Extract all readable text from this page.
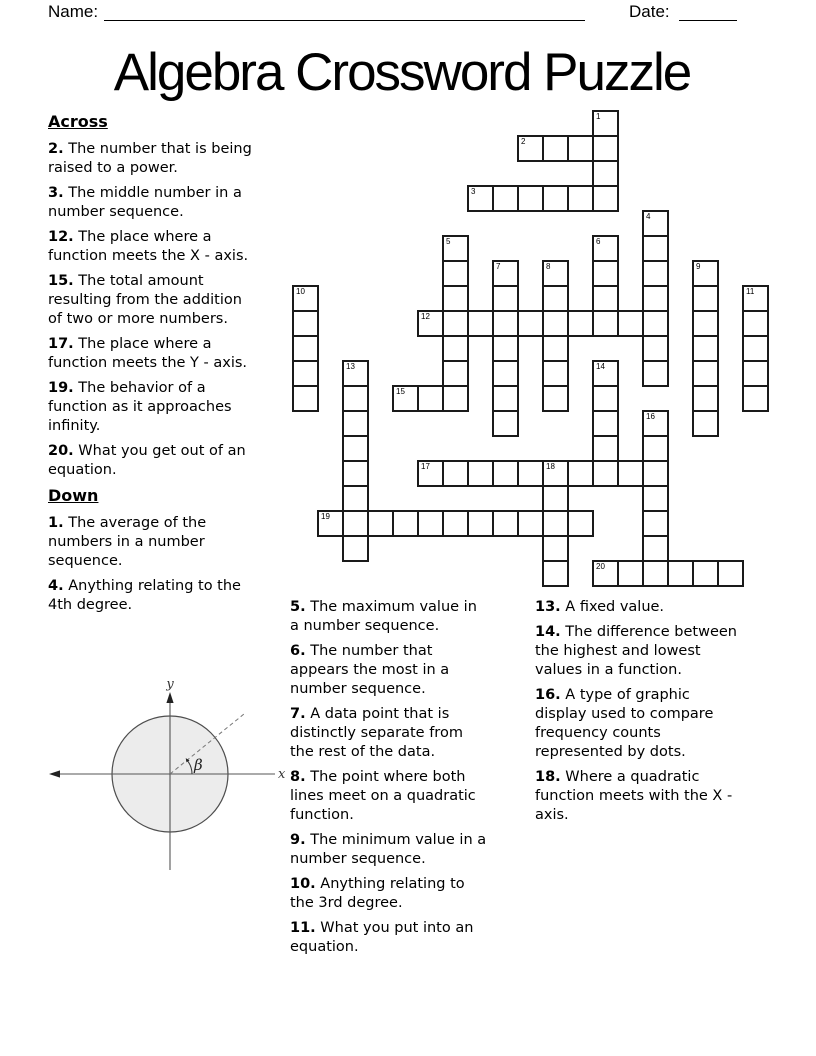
Name:	Date:
Algebra Crossword Puzzle
Across

2. The number that is being raised to a power.

3. The middle number in a number sequence.

12. The place where a function meets the X - axis.

15. The total amount resulting from the addition of two or more numbers.

17. The place where a function meets the Y - axis.

19. The behavior of a function as it approaches infinity.

20. What you get out of an equation.

Down

1. The average of the numbers in a number sequence.

4. Anything relating to the 4th degree.

2
3
12
15
17	18
19
20
1
4
5	6
7	8	9
10	11
13	14
16
y
x
β

5. The maximum value in a number sequence.

6. The number that appears the most in a number sequence.

7. A data point that is distinctly separate from the rest of the data.

8. The point where both lines meet on a quadratic function.

9. The minimum value in a number sequence.

10. Anything relating to the 3rd degree.

11. What you put into an equation.

13. A fixed value.

14. The difference between the highest and lowest values in a function.

16. A type of graphic display used to compare frequency counts represented by dots.

18. Where a quadratic function meets with the X - axis.
